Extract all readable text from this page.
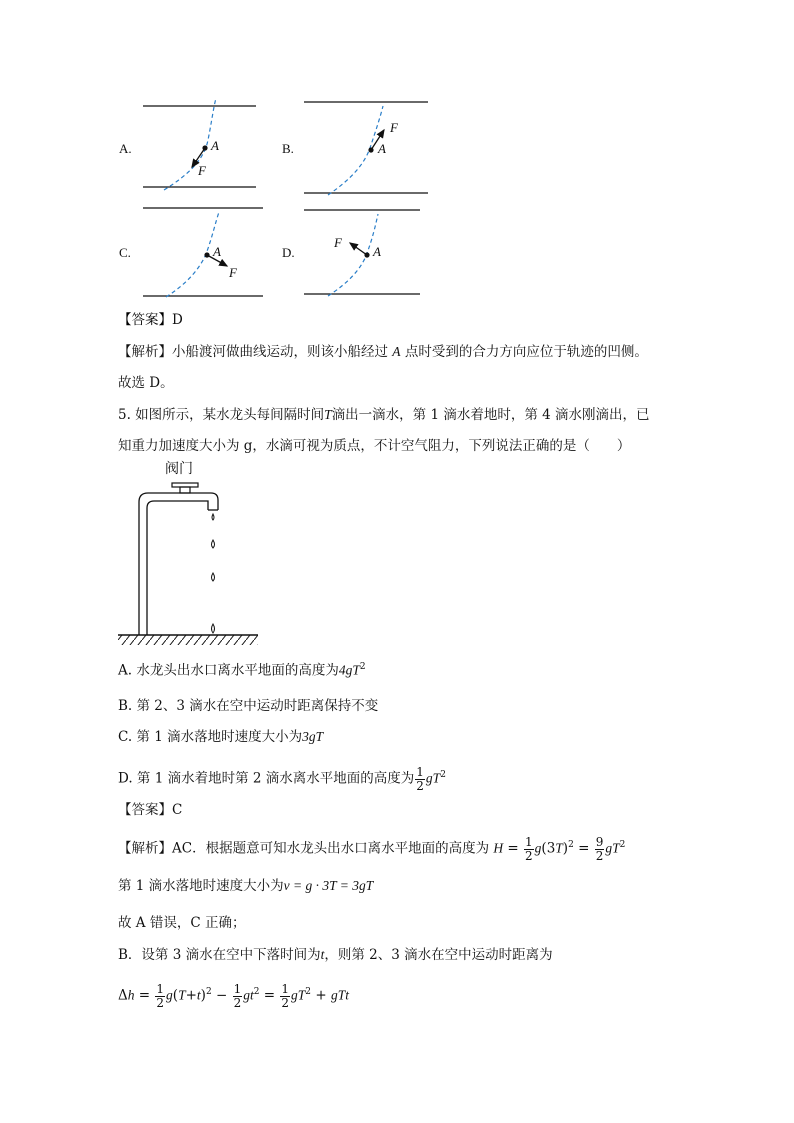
A.	A
F
B.	A
F
C.	A
F
D.	A
F
【答案】D
【解析】小船渡河做曲线运动，则该小船经过 A 点时受到的合力方向应位于轨迹的凹侧。
故选 D。
5. 如图所示，某水龙头每间隔时间T滴出一滴水，第 1 滴水着地时，第 4 滴水刚滴出，已
知重力加速度大小为 g，水滴可视为质点，不计空气阻力，下列说法正确的是（　　）
阀门
A. 水龙头出水口离水平地面的高度为$4gT^2$
B. 第 2、3 滴水在空中运动时距离保持不变
C. 第 1 滴水落地时速度大小为3gT
D. 第 1 滴水着地时第 2 滴水离水平地面的高度为 $\frac{1}{2} gT^2$
【答案】C
【解析】AC．根据题意可知水龙头出水口离水平地面的高度为 $H = \frac{1}{2} g(3T)^2 = \frac{9}{2} gT^2$
第 1 滴水落地时速度大小为v = g · 3T = 3gT
故 A 错误，C 正确；
B．设第 3 滴水在空中下落时间为t，则第 2、3 滴水在空中运动时距离为
$\Delta h = \frac{1}{2} g(T+t)^2 - \frac{1}{2} gt^2 = \frac{1}{2} gT^2$ + gTt
